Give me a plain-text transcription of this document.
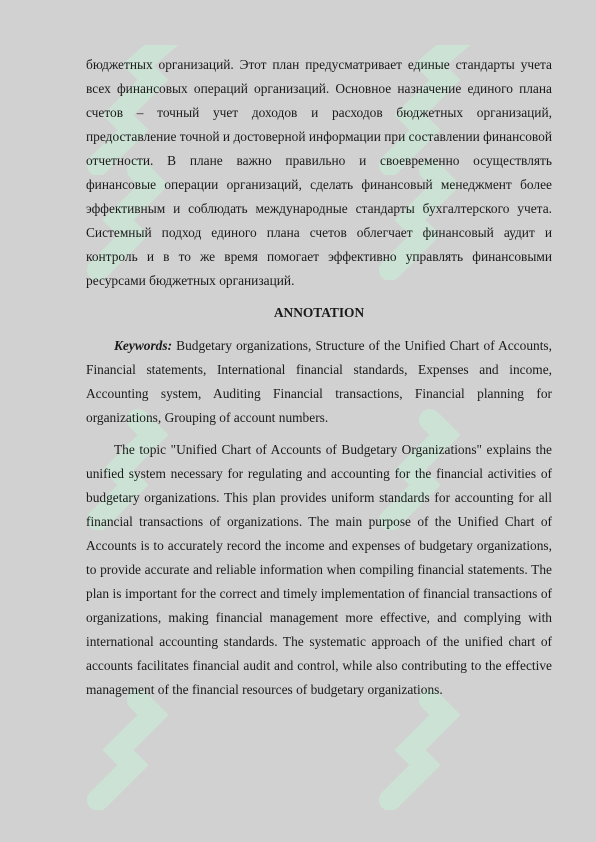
бюджетных организаций. Этот план предусматривает единые стандарты учета всех финансовых операций организаций. Основное назначение единого плана счетов – точный учет доходов и расходов бюджетных организаций, предоставление точной и достоверной информации при составлении финансовой отчетности. В плане важно правильно и своевременно осуществлять финансовые операции организаций, сделать финансовый менеджмент более эффективным и соблюдать международные стандарты бухгалтерского учета. Системный подход единого плана счетов облегчает финансовый аудит и контроль и в то же время помогает эффективно управлять финансовыми ресурсами бюджетных организаций.

ANNOTATION

Keywords: Budgetary organizations, Structure of the Unified Chart of Accounts, Financial statements, International financial standards, Expenses and income, Accounting system, Auditing Financial transactions, Financial planning for organizations, Grouping of account numbers.

The topic "Unified Chart of Accounts of Budgetary Organizations" explains the unified system necessary for regulating and accounting for the financial activities of budgetary organizations. This plan provides uniform standards for accounting for all financial transactions of organizations. The main purpose of the Unified Chart of Accounts is to accurately record the income and expenses of budgetary organizations, to provide accurate and reliable information when compiling financial statements. The plan is important for the correct and timely implementation of financial transactions of organizations, making financial management more effective, and complying with international accounting standards. The systematic approach of the unified chart of accounts facilitates financial audit and control, while also contributing to the effective management of the financial resources of budgetary organizations.
